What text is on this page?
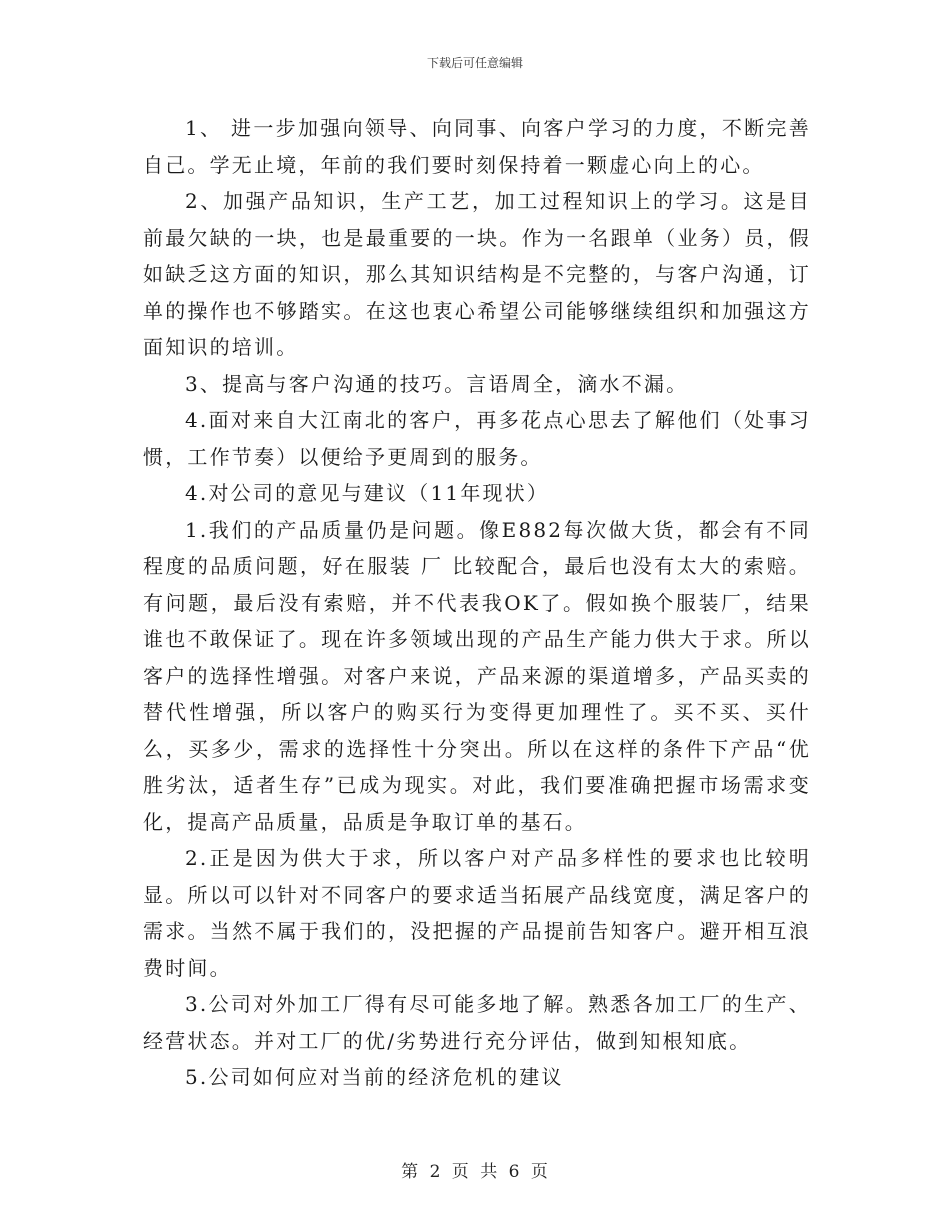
下载后可任意编辑

1、 进一步加强向领导、向同事、向客户学习的力度，不断完善自己。学无止境，年前的我们要时刻保持着一颗虚心向上的心。

2、加强产品知识，生产工艺，加工过程知识上的学习。这是目前最欠缺的一块，也是最重要的一块。作为一名跟单（业务）员，假如缺乏这方面的知识，那么其知识结构是不完整的，与客户沟通，订单的操作也不够踏实。在这也衷心希望公司能够继续组织和加强这方面知识的培训。

3、提高与客户沟通的技巧。言语周全，滴水不漏。

4.面对来自大江南北的客户，再多花点心思去了解他们（处事习惯，工作节奏）以便给予更周到的服务。

4.对公司的意见与建议（11年现状）

1.我们的产品质量仍是问题。像E882每次做大货，都会有不同程度的品质问题，好在服装 厂 比较配合，最后也没有太大的索赔。有问题，最后没有索赔，并不代表我OK了。假如换个服装厂，结果谁也不敢保证了。现在许多领域出现的产品生产能力供大于求。所以客户的选择性增强。对客户来说，产品来源的渠道增多，产品买卖的替代性增强，所以客户的购买行为变得更加理性了。买不买、买什么，买多少，需求的选择性十分突出。所以在这样的条件下产品“优胜劣汰，适者生存”已成为现实。对此，我们要准确把握市场需求变化，提高产品质量，品质是争取订单的基石。

2.正是因为供大于求，所以客户对产品多样性的要求也比较明显。所以可以针对不同客户的要求适当拓展产品线宽度，满足客户的需求。当然不属于我们的，没把握的产品提前告知客户。避开相互浪费时间。

3.公司对外加工厂得有尽可能多地了解。熟悉各加工厂的生产、经营状态。并对工厂的优/劣势进行充分评估，做到知根知底。

5.公司如何应对当前的经济危机的建议

第 2 页 共 6 页
